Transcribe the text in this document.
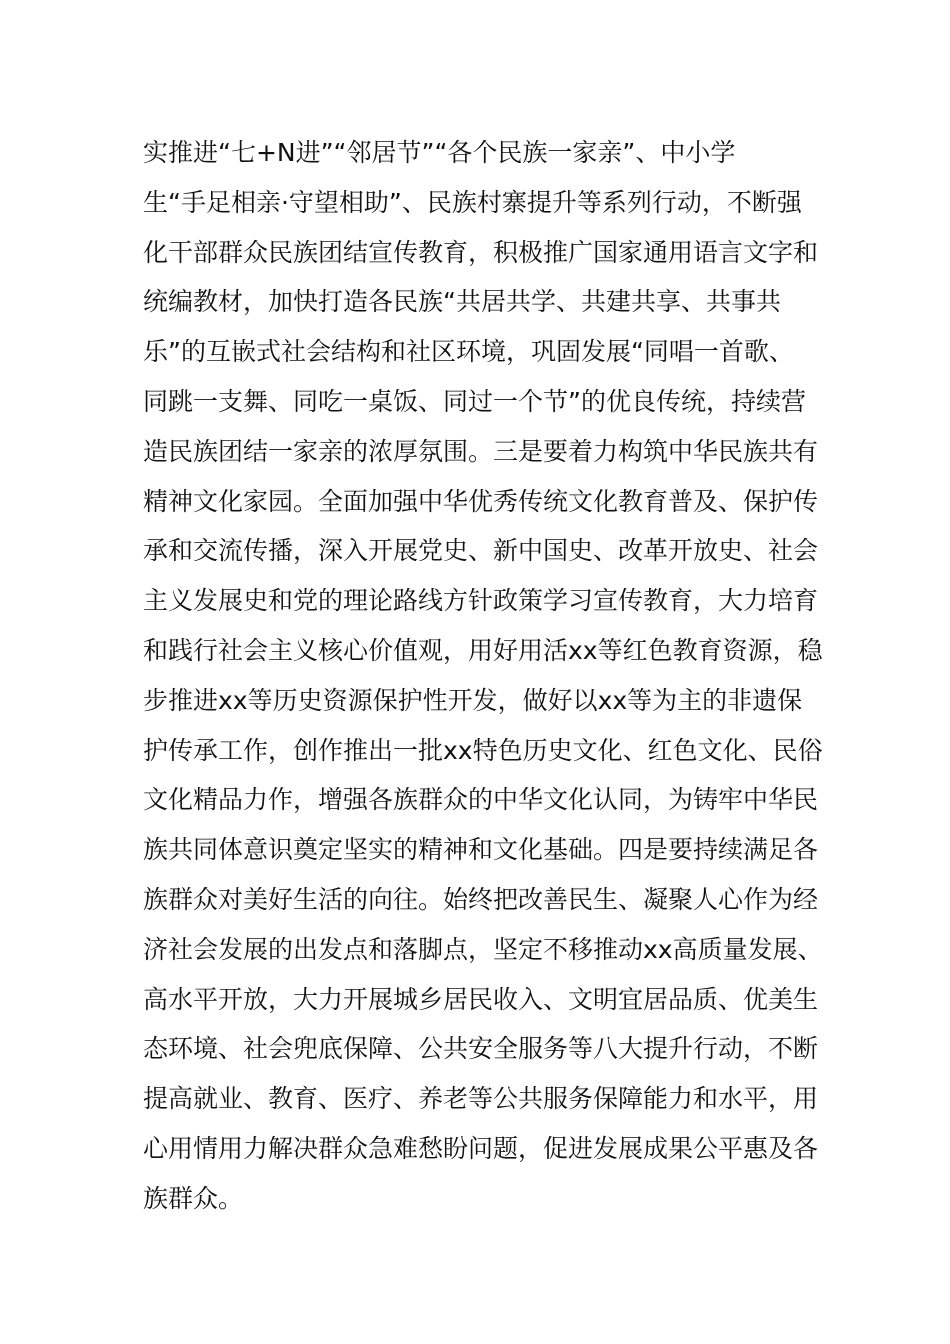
实推进“七+N进”“邻居节”“各个民族一家亲”、中小学
生“手足相亲·守望相助”、民族村寨提升等系列行动，不断强
化干部群众民族团结宣传教育，积极推广国家通用语言文字和
统编教材，加快打造各民族“共居共学、共建共享、共事共
乐”的互嵌式社会结构和社区环境，巩固发展“同唱一首歌、
同跳一支舞、同吃一桌饭、同过一个节”的优良传统，持续营
造民族团结一家亲的浓厚氛围。三是要着力构筑中华民族共有
精神文化家园。全面加强中华优秀传统文化教育普及、保护传
承和交流传播，深入开展党史、新中国史、改革开放史、社会
主义发展史和党的理论路线方针政策学习宣传教育，大力培育
和践行社会主义核心价值观，用好用活xx等红色教育资源，稳
步推进xx等历史资源保护性开发，做好以xx等为主的非遗保
护传承工作，创作推出一批xx特色历史文化、红色文化、民俗
文化精品力作，增强各族群众的中华文化认同，为铸牢中华民
族共同体意识奠定坚实的精神和文化基础。四是要持续满足各
族群众对美好生活的向往。始终把改善民生、凝聚人心作为经
济社会发展的出发点和落脚点，坚定不移推动xx高质量发展、
高水平开放，大力开展城乡居民收入、文明宜居品质、优美生
态环境、社会兜底保障、公共安全服务等八大提升行动，不断
提高就业、教育、医疗、养老等公共服务保障能力和水平，用
心用情用力解决群众急难愁盼问题，促进发展成果公平惠及各
族群众。
